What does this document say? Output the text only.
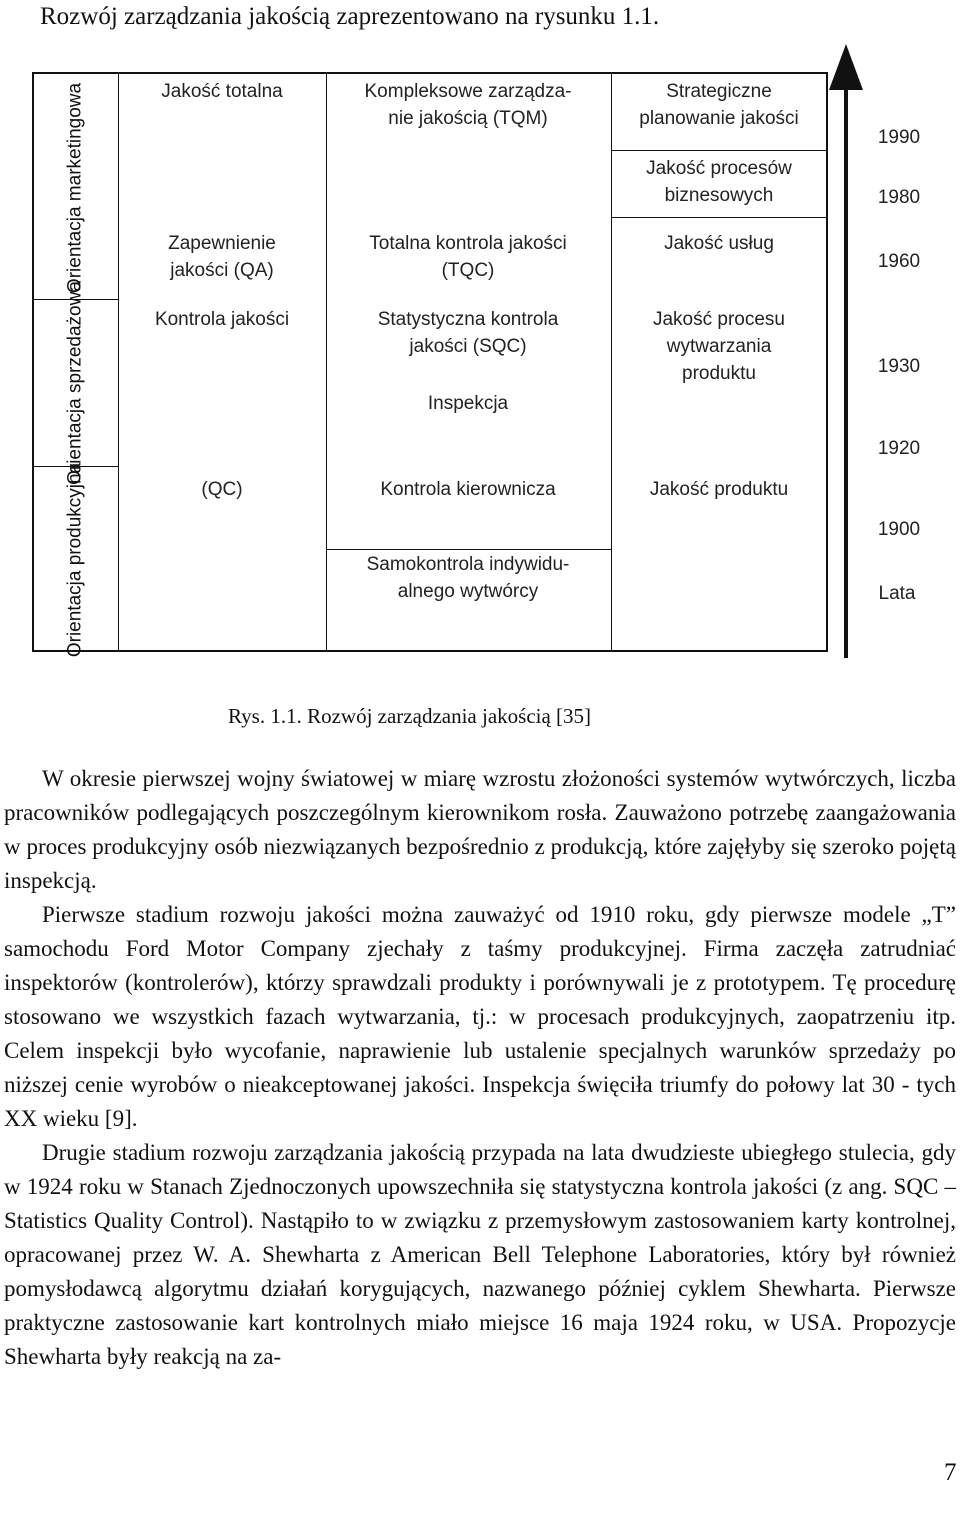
Rozwój zarządzania jakością zaprezentowano na rysunku 1.1.
Orientacja marketingowa
Orientacja sprzedażowa
Orientacja produkcyjna
Jakość totalna
Zapewnienie
jakości (QA)
Kontrola jakości
(QC)
Kompleksowe zarządza-
nie jakością (TQM)
Totalna kontrola jakości
(TQC)
Statystyczna kontrola
jakości (SQC)
Inspekcja
Kontrola kierownicza
Samokontrola indywidu-
alnego wytwórcy
Strategiczne
planowanie jakości
Jakość procesów
biznesowych
Jakość usług
Jakość procesu
wytwarzania
produktu
Jakość produktu
1990
1980
1960
1930
1920
1900
Lata
Rys. 1.1. Rozwój zarządzania jakością [35]

W okresie pierwszej wojny światowej w miarę wzrostu złożoności systemów wytwórczych, liczba pracowników podlegających poszczególnym kierownikom rosła. Zauważono potrzebę zaangażowania w proces produkcyjny osób niezwiązanych bezpośrednio z produkcją, które zajęłyby się szeroko pojętą inspekcją.

Pierwsze stadium rozwoju jakości można zauważyć od 1910 roku, gdy pierwsze modele „T” samochodu Ford Motor Company zjechały z taśmy produkcyjnej. Firma zaczęła zatrudniać inspektorów (kontrolerów), którzy sprawdzali produkty i porównywali je z prototypem. Tę procedurę stosowano we wszystkich fazach wytwarzania, tj.: w procesach produkcyjnych, zaopatrzeniu itp. Celem inspekcji było wycofanie, naprawienie lub ustalenie specjalnych warunków sprzedaży po niższej cenie wyrobów o nieakceptowanej jakości. Inspekcja święciła triumfy do połowy lat 30 - tych XX wieku [9].

Drugie stadium rozwoju zarządzania jakością przypada na lata dwudzieste ubiegłego stulecia, gdy w 1924 roku w Stanach Zjednoczonych upowszechniła się statystyczna kontrola jakości (z ang. SQC – Statistics Quality Control). Nastąpiło to w związku z przemysłowym zastosowaniem karty kontrolnej, opracowanej przez W. A. Shewharta z American Bell Telephone Laboratories, który był również pomysłodawcą algorytmu działań korygujących, nazwanego później cyklem Shewharta. Pierwsze praktyczne zastosowanie kart kontrolnych miało miejsce 16 maja 1924 roku, w USA. Propozycje Shewharta były reakcją na za-

7
